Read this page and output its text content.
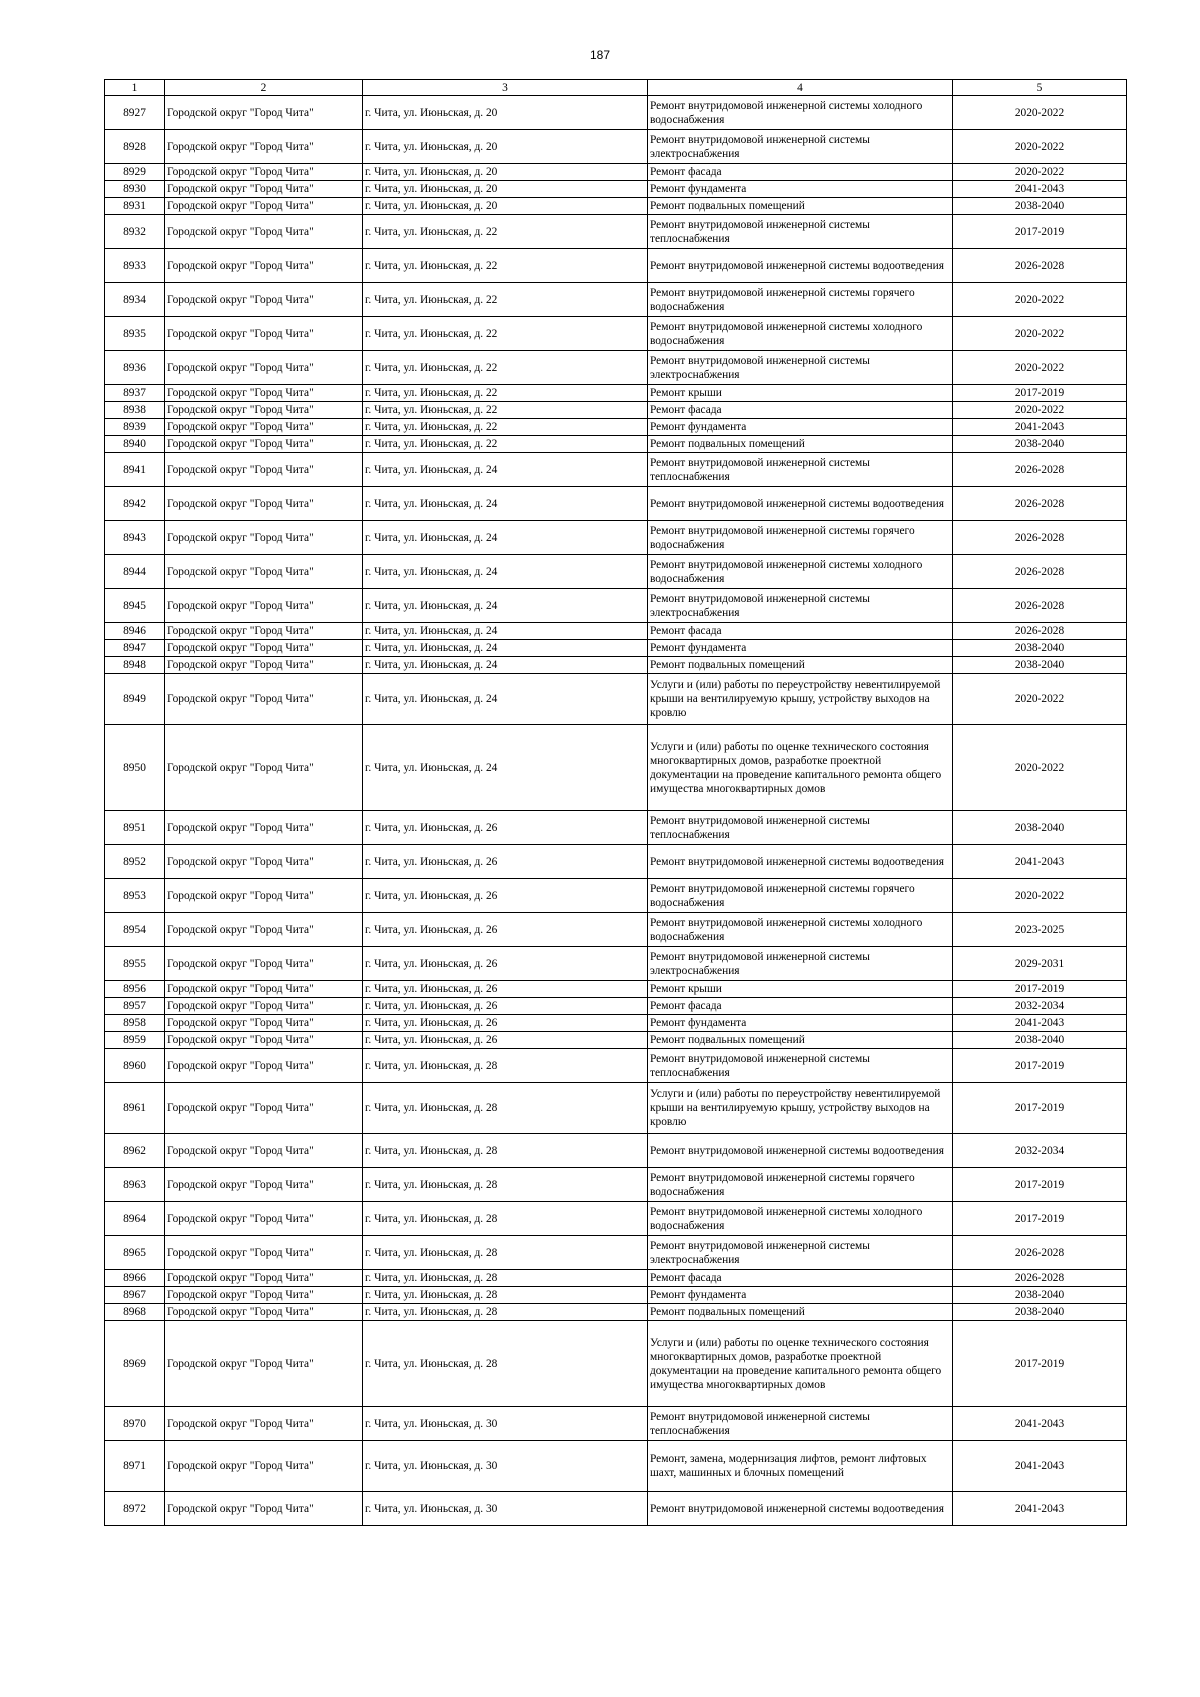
187
1	2	3	4	5
8927	Городской округ "Город Чита"	г. Чита, ул. Июньская, д. 20	Ремонт внутридомовой инженерной системы холодного водоснабжения	2020-2022
8928	Городской округ "Город Чита"	г. Чита, ул. Июньская, д. 20	Ремонт внутридомовой инженерной системы электроснабжения	2020-2022
8929	Городской округ "Город Чита"	г. Чита, ул. Июньская, д. 20	Ремонт фасада	2020-2022
8930	Городской округ "Город Чита"	г. Чита, ул. Июньская, д. 20	Ремонт фундамента	2041-2043
8931	Городской округ "Город Чита"	г. Чита, ул. Июньская, д. 20	Ремонт подвальных помещений	2038-2040
8932	Городской округ "Город Чита"	г. Чита, ул. Июньская, д. 22	Ремонт внутридомовой инженерной системы теплоснабжения	2017-2019
8933	Городской округ "Город Чита"	г. Чита, ул. Июньская, д. 22	Ремонт внутридомовой инженерной системы водоотведения	2026-2028
8934	Городской округ "Город Чита"	г. Чита, ул. Июньская, д. 22	Ремонт внутридомовой инженерной системы горячего водоснабжения	2020-2022
8935	Городской округ "Город Чита"	г. Чита, ул. Июньская, д. 22	Ремонт внутридомовой инженерной системы холодного водоснабжения	2020-2022
8936	Городской округ "Город Чита"	г. Чита, ул. Июньская, д. 22	Ремонт внутридомовой инженерной системы электроснабжения	2020-2022
8937	Городской округ "Город Чита"	г. Чита, ул. Июньская, д. 22	Ремонт крыши	2017-2019
8938	Городской округ "Город Чита"	г. Чита, ул. Июньская, д. 22	Ремонт фасада	2020-2022
8939	Городской округ "Город Чита"	г. Чита, ул. Июньская, д. 22	Ремонт фундамента	2041-2043
8940	Городской округ "Город Чита"	г. Чита, ул. Июньская, д. 22	Ремонт подвальных помещений	2038-2040
8941	Городской округ "Город Чита"	г. Чита, ул. Июньская, д. 24	Ремонт внутридомовой инженерной системы теплоснабжения	2026-2028
8942	Городской округ "Город Чита"	г. Чита, ул. Июньская, д. 24	Ремонт внутридомовой инженерной системы водоотведения	2026-2028
8943	Городской округ "Город Чита"	г. Чита, ул. Июньская, д. 24	Ремонт внутридомовой инженерной системы горячего водоснабжения	2026-2028
8944	Городской округ "Город Чита"	г. Чита, ул. Июньская, д. 24	Ремонт внутридомовой инженерной системы холодного водоснабжения	2026-2028
8945	Городской округ "Город Чита"	г. Чита, ул. Июньская, д. 24	Ремонт внутридомовой инженерной системы электроснабжения	2026-2028
8946	Городской округ "Город Чита"	г. Чита, ул. Июньская, д. 24	Ремонт фасада	2026-2028
8947	Городской округ "Город Чита"	г. Чита, ул. Июньская, д. 24	Ремонт фундамента	2038-2040
8948	Городской округ "Город Чита"	г. Чита, ул. Июньская, д. 24	Ремонт подвальных помещений	2038-2040
8949	Городской округ "Город Чита"	г. Чита, ул. Июньская, д. 24	Услуги и (или) работы по переустройству невентилируемой крыши на вентилируемую крышу, устройству выходов на кровлю	2020-2022
8950	Городской округ "Город Чита"	г. Чита, ул. Июньская, д. 24	Услуги и (или) работы по оценке технического состояния многоквартирных домов, разработке проектной документации на проведение капитального ремонта общего имущества многоквартирных домов	2020-2022
8951	Городской округ "Город Чита"	г. Чита, ул. Июньская, д. 26	Ремонт внутридомовой инженерной системы теплоснабжения	2038-2040
8952	Городской округ "Город Чита"	г. Чита, ул. Июньская, д. 26	Ремонт внутридомовой инженерной системы водоотведения	2041-2043
8953	Городской округ "Город Чита"	г. Чита, ул. Июньская, д. 26	Ремонт внутридомовой инженерной системы горячего водоснабжения	2020-2022
8954	Городской округ "Город Чита"	г. Чита, ул. Июньская, д. 26	Ремонт внутридомовой инженерной системы холодного водоснабжения	2023-2025
8955	Городской округ "Город Чита"	г. Чита, ул. Июньская, д. 26	Ремонт внутридомовой инженерной системы электроснабжения	2029-2031
8956	Городской округ "Город Чита"	г. Чита, ул. Июньская, д. 26	Ремонт крыши	2017-2019
8957	Городской округ "Город Чита"	г. Чита, ул. Июньская, д. 26	Ремонт фасада	2032-2034
8958	Городской округ "Город Чита"	г. Чита, ул. Июньская, д. 26	Ремонт фундамента	2041-2043
8959	Городской округ "Город Чита"	г. Чита, ул. Июньская, д. 26	Ремонт подвальных помещений	2038-2040
8960	Городской округ "Город Чита"	г. Чита, ул. Июньская, д. 28	Ремонт внутридомовой инженерной системы теплоснабжения	2017-2019
8961	Городской округ "Город Чита"	г. Чита, ул. Июньская, д. 28	Услуги и (или) работы по переустройству невентилируемой крыши на вентилируемую крышу, устройству выходов на кровлю	2017-2019
8962	Городской округ "Город Чита"	г. Чита, ул. Июньская, д. 28	Ремонт внутридомовой инженерной системы водоотведения	2032-2034
8963	Городской округ "Город Чита"	г. Чита, ул. Июньская, д. 28	Ремонт внутридомовой инженерной системы горячего водоснабжения	2017-2019
8964	Городской округ "Город Чита"	г. Чита, ул. Июньская, д. 28	Ремонт внутридомовой инженерной системы холодного водоснабжения	2017-2019
8965	Городской округ "Город Чита"	г. Чита, ул. Июньская, д. 28	Ремонт внутридомовой инженерной системы электроснабжения	2026-2028
8966	Городской округ "Город Чита"	г. Чита, ул. Июньская, д. 28	Ремонт фасада	2026-2028
8967	Городской округ "Город Чита"	г. Чита, ул. Июньская, д. 28	Ремонт фундамента	2038-2040
8968	Городской округ "Город Чита"	г. Чита, ул. Июньская, д. 28	Ремонт подвальных помещений	2038-2040
8969	Городской округ "Город Чита"	г. Чита, ул. Июньская, д. 28	Услуги и (или) работы по оценке технического состояния многоквартирных домов, разработке проектной документации на проведение капитального ремонта общего имущества многоквартирных домов	2017-2019
8970	Городской округ "Город Чита"	г. Чита, ул. Июньская, д. 30	Ремонт внутридомовой инженерной системы теплоснабжения	2041-2043
8971	Городской округ "Город Чита"	г. Чита, ул. Июньская, д. 30	Ремонт, замена, модернизация лифтов, ремонт лифтовых шахт, машинных и блочных помещений	2041-2043
8972	Городской округ "Город Чита"	г. Чита, ул. Июньская, д. 30	Ремонт внутридомовой инженерной системы водоотведения	2041-2043
